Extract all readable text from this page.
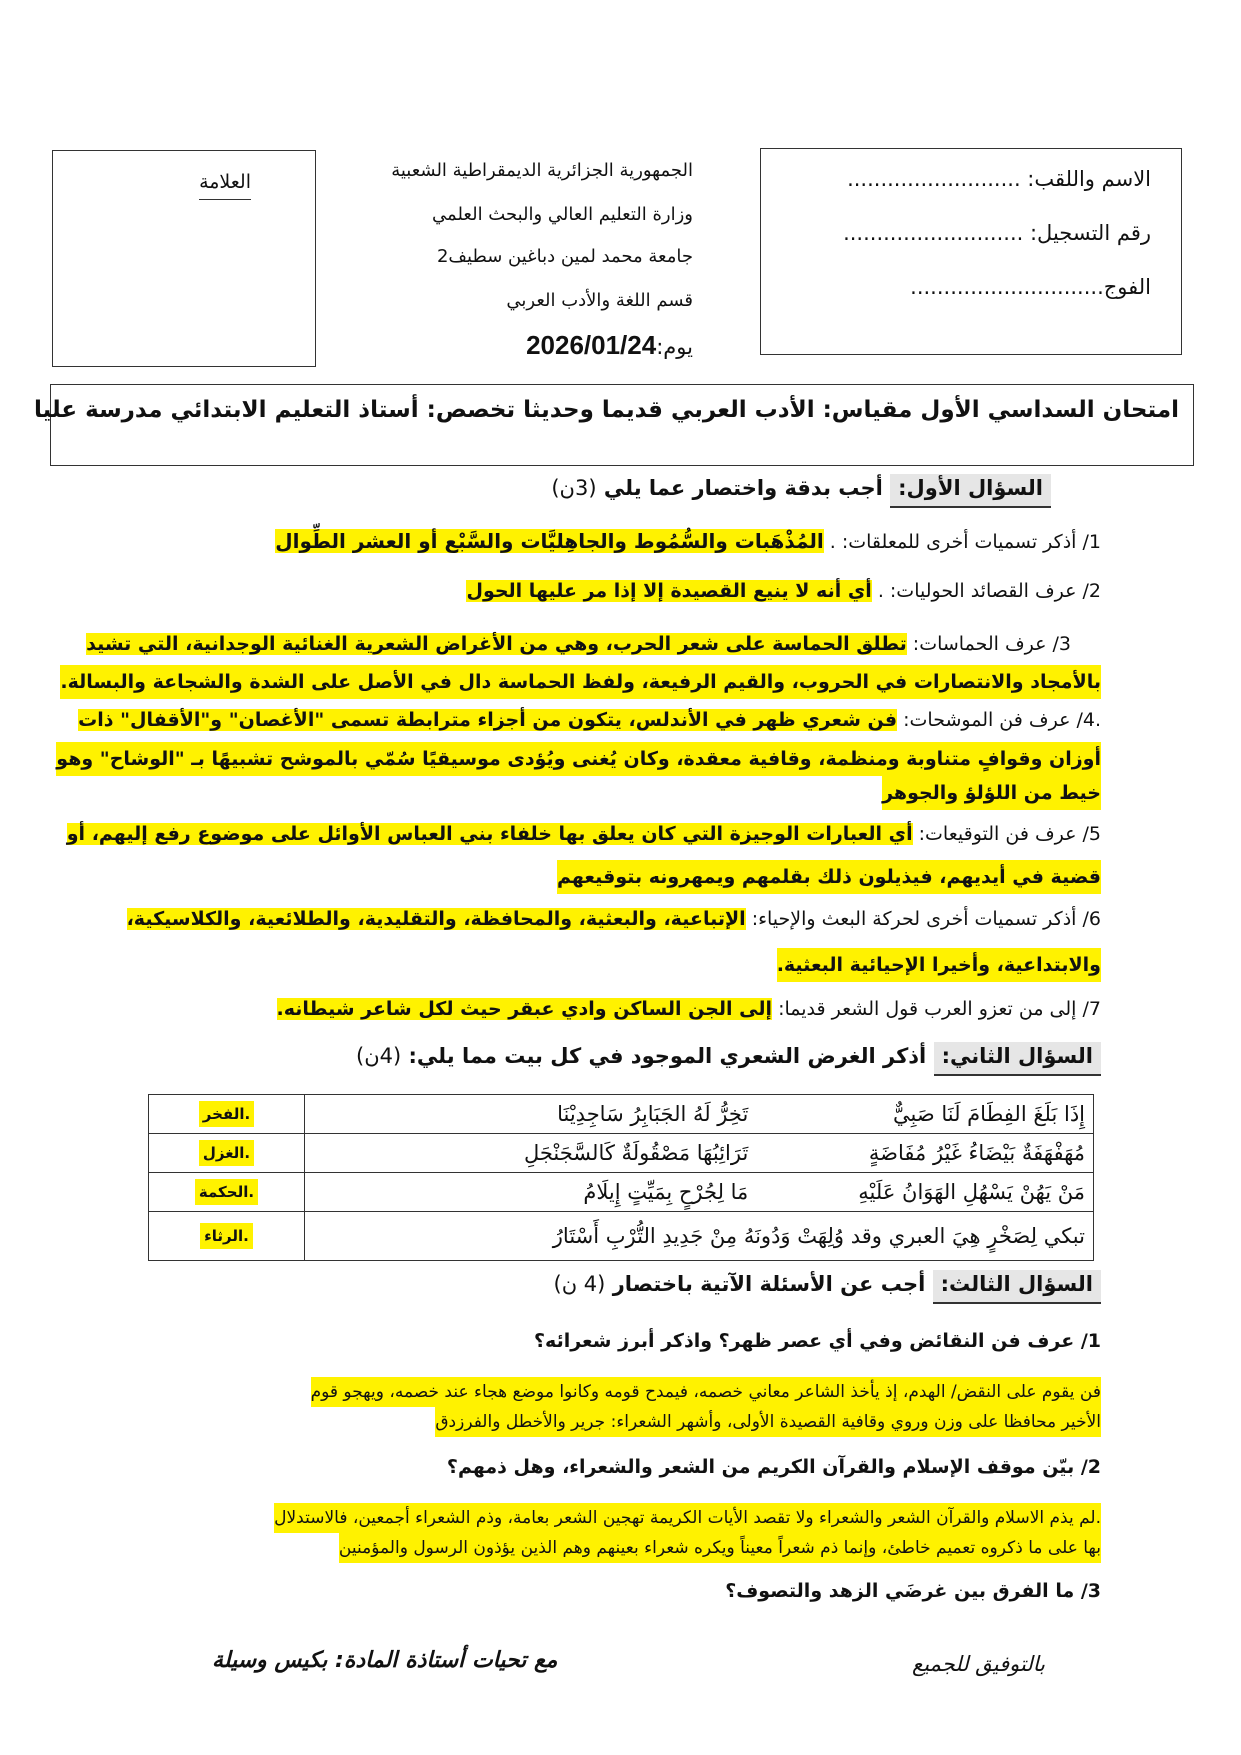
الاسم واللقب: ..........................
رقم التسجيل: ...........................
الفوج.............................
الجمهورية الجزائرية الديمقراطية الشعبية
وزارة التعليم العالي والبحث العلمي
جامعة محمد لمين دباغين سطيف2
قسم اللغة والأدب العربي
يوم:2026/01/24
العلامة
امتحان السداسي الأول مقياس: الأدب العربي قديما وحديثا تخصص: أستاذ التعليم الابتدائي مدرسة عليا
السؤال الأول: أجب بدقة واختصار عما يلي (3ن)
1/ أذكر تسميات أخرى للمعلقات: . المُذْهَبات والسُّمُوط والجاهِليَّات والسَّبْع أو العشر الطِّوال
2/ عرف القصائد الحوليات: . أي أنه لا ينيع القصيدة إلا إذا مر عليها الحول
3/ عرف الحماسات: تطلق الحماسة على شعر الحرب، وهي من الأغراض الشعرية الغنائية الوجدانية، التي تشيد
بالأمجاد والانتصارات في الحروب، والقيم الرفيعة، ولفظ الحماسة دال في الأصل على الشدة والشجاعة والبسالة.
.4/ عرف فن الموشحات: فن شعري ظهر في الأندلس، يتكون من أجزاء مترابطة تسمى "الأغصان" و"الأقفال" ذات
أوزان وقوافٍ متناوبة ومنظمة، وقافية معقدة، وكان يُغنى ويُؤدى موسيقيًا سُمّي بالموشح تشبيهًا بـ "الوشاح" وهو
خيط من اللؤلؤ والجوهر
5/ عرف فن التوقيعات: أي العبارات الوجيزة التي كان يعلق بها خلفاء بني العباس الأوائل على موضوع رفع إليهم، أو
قضية في أيديهم، فيذيلون ذلك بقلمهم ويمهرونه بتوقيعهم
6/ أذكر تسميات أخرى لحركة البعث والإحياء: الإتباعية، والبعثية، والمحافظة، والتقليدية، والطلائعية، والكلاسيكية،
والابتداعية، وأخيرا الإحيائية البعثية.
7/ إلى من تعزو العرب قول الشعر قديما: إلى الجن الساكن وادي عبقر حيث لكل شاعر شيطانه.
السؤال الثاني: أذكر الغرض الشعري الموجود في كل بيت مما يلي: (4ن)
إِذَا بَلَغَ الفِطَامَ لَنَا صَبِيٌّ تَخِرُّ لَهُ الجَبَابِرُ سَاجِدِيْنَا	.الفخر
مُهَفْهَفَةٌ بَيْضَاءُ غَيْرُ مُفَاضَةٍ تَرَائِبُهَا مَصْقُولَةٌ كَالسَّجَنْجَلِ	.الغزل
مَنْ يَهُنْ يَسْهُلِ الهَوَانُ عَلَيْهِ مَا لِجُرْحٍ بِمَيِّتٍ إِيلَامُ	.الحكمة
تبكي لِصَخْرٍ هِيَ العبري وقد وُلِهَتْ وَدُونَهُ مِنْ جَدِيدِ التُّرْبِ أَسْتَارُ	.الرثاء
السؤال الثالث: أجب عن الأسئلة الآتية باختصار (4 ن)
1/ عرف فن النقائض وفي أي عصر ظهر؟ واذكر أبرز شعرائه؟
فن يقوم على النقض/ الهدم، إذ يأخذ الشاعر معاني خصمه، فيمدح قومه وكانوا موضع هجاء عند خصمه، ويهجو قوم
الأخير محافظا على وزن وروي وقافية القصيدة الأولى، وأشهر الشعراء: جرير والأخطل والفرزدق
2/ بيّن موقف الإسلام والقرآن الكريم من الشعر والشعراء، وهل ذمهم؟
.لم يذم الاسلام والقرآن الشعر والشعراء ولا تقصد الأيات الكريمة تهجين الشعر بعامة، وذم الشعراء أجمعين، فالاستدلال
بها على ما ذكروه تعميم خاطئ، وإنما ذم شعراً معيناً ويكره شعراء بعينهم وهم الذين يؤذون الرسول والمؤمنين
3/ ما الفرق بين غرضَي الزهد والتصوف؟
بالتوفيق للجميع
مع تحيات أستاذة المادة: بكيس وسيلة
